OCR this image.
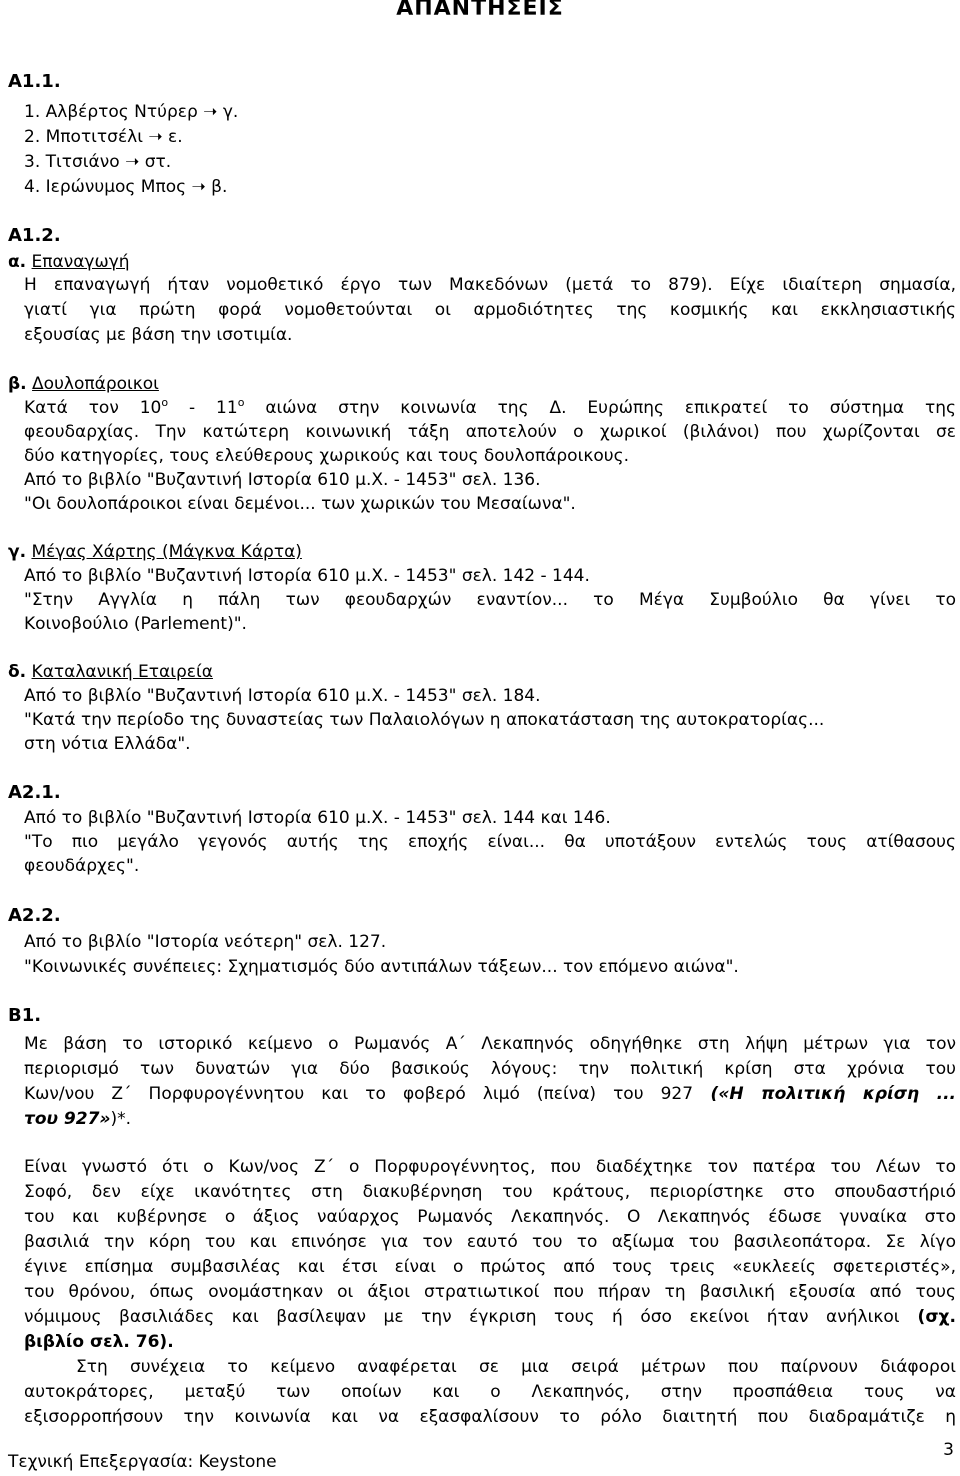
ΑΠΑΝΤΗΣΕΙΣ
Α1.1.
1. Αλβέρτος Ντύρερ ➝ γ.
2. Μποτιτσέλι ➝ ε.
3. Τιτσιάνο ➝ στ.
4. Ιερώνυμος Μπος ➝ β.
Α1.2.
α. Επαναγωγή
Η επαναγωγή ήταν νομοθετικό έργο των Μακεδόνων (μετά το 879). Είχε ιδιαίτερη σημασία,
γιατί για πρώτη φορά νομοθετούνται οι αρμοδιότητες της κοσμικής και εκκλησιαστικής
εξουσίας με βάση την ισοτιμία.
β. Δουλοπάροικοι
Κατά τον $10^o - 11^o$ αιώνα στην κοινωνία της Δ. Ευρώπης επικρατεί το σύστημα της
φεουδαρχίας. Την κατώτερη κοινωνική τάξη αποτελούν ο χωρικοί (βιλάνοι) που χωρίζονται σε
δύο κατηγορίες, τους ελεύθερους χωρικούς και τους δουλοπάροικους.
Από το βιβλίο "Βυζαντινή Ιστορία 610 μ.Χ. - 1453" σελ. 136.
"Οι δουλοπάροικοι είναι δεμένοι... των χωρικών του Μεσαίωνα".
γ. Μέγας Χάρτης (Μάγκνα Κάρτα)
Από το βιβλίο "Βυζαντινή Ιστορία 610 μ.Χ. - 1453" σελ. 142 - 144.
"Στην Αγγλία η πάλη των φεουδαρχών εναντίον... το Μέγα Συμβούλιο θα γίνει το
Κοινοβούλιο (Parlement)".
δ. Καταλανική Εταιρεία
Από το βιβλίο "Βυζαντινή Ιστορία 610 μ.Χ. - 1453" σελ. 184.
"Κατά την περίοδο της δυναστείας των Παλαιολόγων η αποκατάσταση της αυτοκρατορίας...
στη νότια Ελλάδα".
Α2.1.
Από το βιβλίο "Βυζαντινή Ιστορία 610 μ.Χ. - 1453" σελ. 144 και 146.
"Το πιο μεγάλο γεγονός αυτής της εποχής είναι... θα υποτάξουν εντελώς τους ατίθασους
φεουδάρχες".
Α2.2.
Από το βιβλίο "Ιστορία νεότερη" σελ. 127.
"Κοινωνικές συνέπειες: Σχηματισμός δύο αντιπάλων τάξεων... τον επόμενο αιώνα".
Β1.
Με βάση το ιστορικό κείμενο ο Ρωμανός Α΄ Λεκαπηνός οδηγήθηκε στη λήψη μέτρων για τον
περιορισμό των δυνατών για δύο βασικούς λόγους: την πολιτική κρίση στα χρόνια του
Κων/νου Ζ΄ Πορφυρογέννητου και το φοβερό λιμό (πείνα) του 927 («Η πολιτική κρίση ...
του 927»)*.
Είναι γνωστό ότι ο Κων/νος Ζ΄ ο Πορφυρογέννητος, που διαδέχτηκε τον πατέρα του Λέων το
Σοφό, δεν είχε ικανότητες στη διακυβέρνηση του κράτους, περιορίστηκε στο σπουδαστήριό
του και κυβέρνησε ο άξιος ναύαρχος Ρωμανός Λεκαπηνός. Ο Λεκαπηνός έδωσε γυναίκα στο
βασιλιά την κόρη του και επινόησε για τον εαυτό του το αξίωμα του βασιλεοπάτορα. Σε λίγο
έγινε επίσημα συμβασιλέας και έτσι είναι ο πρώτος από τους τρεις «ευκλεείς σφετεριστές»,
του θρόνου, όπως ονομάστηκαν οι άξιοι στρατιωτικοί που πήραν τη βασιλική εξουσία από τους
νόμιμους βασιλιάδες και βασίλεψαν με την έγκριση τους ή όσο εκείνοι ήταν ανήλικοι (σχ.
βιβλίο σελ. 76).
Στη συνέχεια το κείμενο αναφέρεται σε μια σειρά μέτρων που παίρνουν διάφοροι
αυτοκράτορες, μεταξύ των οποίων και ο Λεκαπηνός, στην προσπάθεια τους να
εξισορροπήσουν την κοινωνία και να εξασφαλίσουν το ρόλο διαιτητή που διαδραμάτιζε η
Τεχνική Επεξεργασία: Keystone
3
